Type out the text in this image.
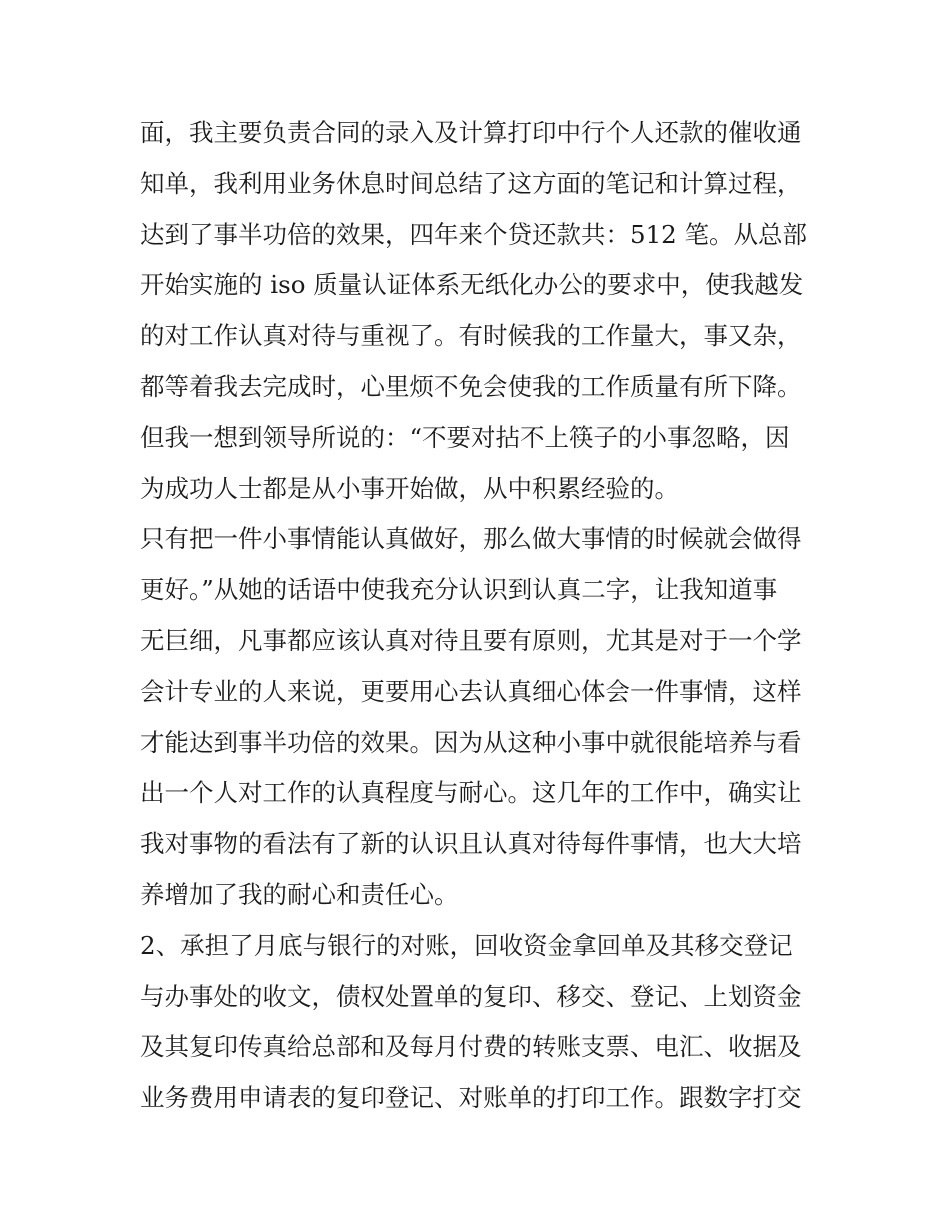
面，我主要负责合同的录入及计算打印中行个人还款的催收通
知单，我利用业务休息时间总结了这方面的笔记和计算过程，
达到了事半功倍的效果，四年来个贷还款共：512 笔。从总部
开始实施的 iso 质量认证体系无纸化办公的要求中，使我越发
的对工作认真对待与重视了。有时候我的工作量大，事又杂，
都等着我去完成时，心里烦不免会使我的工作质量有所下降。
但我一想到领导所说的：“不要对拈不上筷子的小事忽略，因
为成功人士都是从小事开始做，从中积累经验的。
只有把一件小事情能认真做好，那么做大事情的时候就会做得
更好。”从她的话语中使我充分认识到认真二字，让我知道事
无巨细，凡事都应该认真对待且要有原则，尤其是对于一个学
会计专业的人来说，更要用心去认真细心体会一件事情，这样
才能达到事半功倍的效果。因为从这种小事中就很能培养与看
出一个人对工作的认真程度与耐心。这几年的工作中，确实让
我对事物的看法有了新的认识且认真对待每件事情，也大大培
养增加了我的耐心和责任心。
2、承担了月底与银行的对账，回收资金拿回单及其移交登记
与办事处的收文，债权处置单的复印、移交、登记、上划资金
及其复印传真给总部和及每月付费的转账支票、电汇、收据及
业务费用申请表的复印登记、对账单的打印工作。跟数字打交
